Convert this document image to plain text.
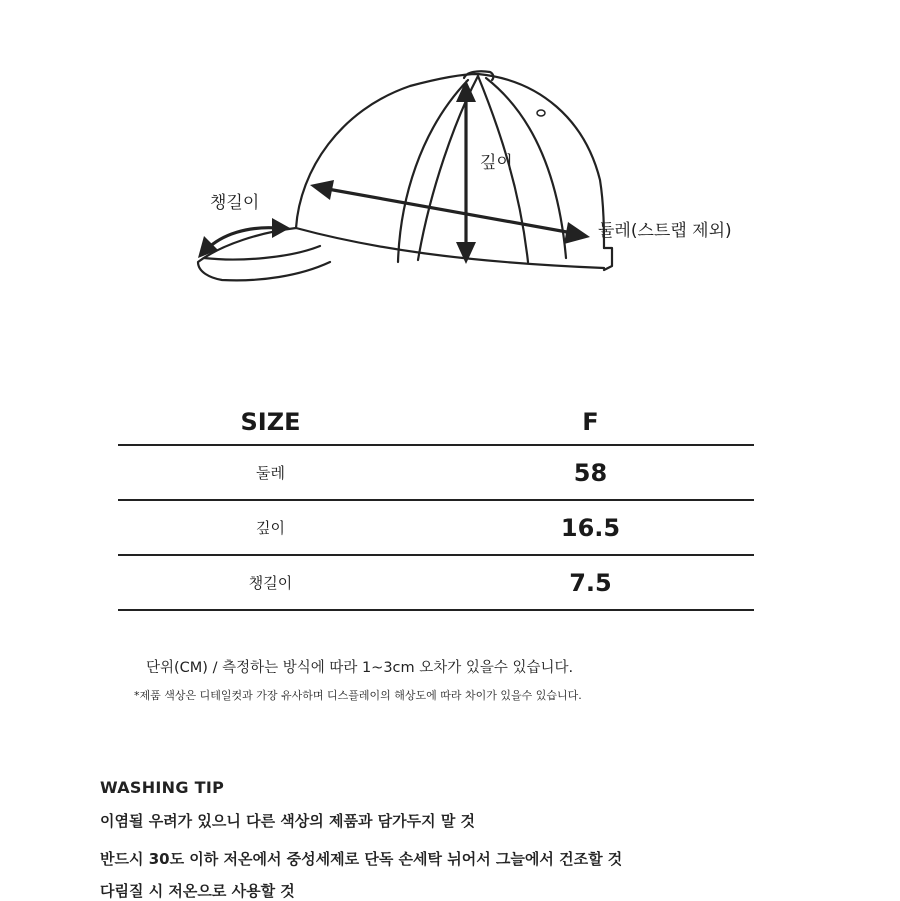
챙길이
깊이
둘레(스트랩 제외)
SIZE	F
둘레	58
깊이	16.5
챙길이	7.5
단위(CM) / 측정하는 방식에 따라 1~3cm 오차가 있을수 있습니다.
*제품 색상은 디테일컷과 가장 유사하며 디스플레이의 해상도에 따라 차이가 있을수 있습니다.
WASHING TIP
이염될 우려가 있으니 다른 색상의 제품과 담가두지 말 것
반드시 30도 이하 저온에서 중성세제로 단독 손세탁 뉘어서 그늘에서 건조할 것
다림질 시 저온으로 사용할 것
